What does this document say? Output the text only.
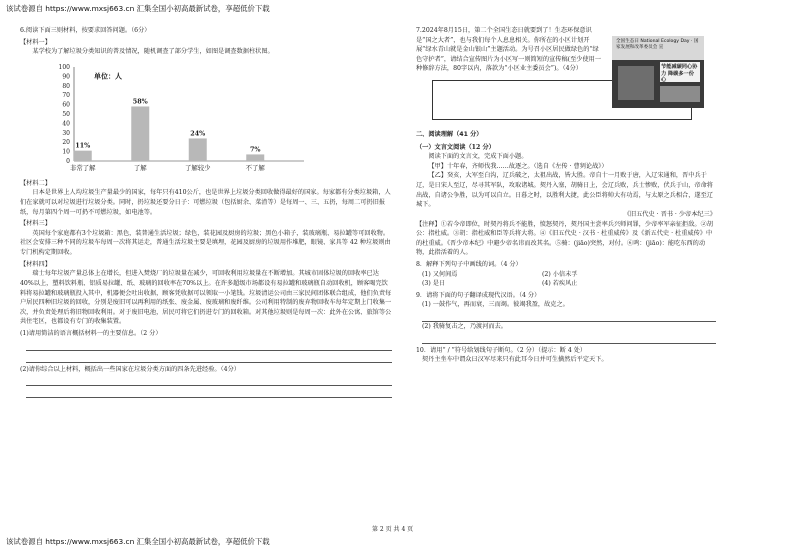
该试卷源自 https://www.mxsj663.cn 汇集全国小初高最新试卷，享超低价下载

6.阅读下面三则材料，按要求回答问题。（6分）

【材料一】

某学校为了解垃圾分类知识的普及情况，随机调查了部分学生，如图是调查数据柱状图。

0
10
20
30
40
50
60
70
80
90
100
单位：人
11%
非常了解
58%
了解
24%
了解较少
7%
不了解

【材料二】

日本是世界上人均垃圾生产量最少的国家，每年只有410公斤，也是世界上垃圾分类回收做得最好的国家。每家都有分类垃圾箱，人们在家就可以对垃圾进行垃圾分类。同时，扔垃圾还要分日子：可燃垃圾（包括厨余、菜渣等）是每周一、三、五扔，每周二可扔旧报纸，每月第四个周一可扔不可燃垃圾，如电池等。

【材料三】

英国每个家庭都有3个垃圾箱：黑色，装普通生活垃圾；绿色，装花园及厨房的垃圾；黑色小箱子，装玻璃瓶、易拉罐等可回收物。社区会安排三种不同的垃圾车每周一次将其运走，普通生活垃圾主要是填埋，花园及厨房的垃圾用作堆肥，眼镜、家具等 42 种垃圾则由专门机构定期回收。

【材料四】

瑞士每年垃圾产量总体上在增长，但进入焚烧厂的垃圾量在减少，可回收利用垃圾量在不断增加。其城市固体垃圾的回收率已达40%以上，塑料饮料瓶、铝质易拉罐、纸、玻璃的回收率在70%以上。在许多超级市场都设有易拉罐和玻璃瓶自动回收机，顾客喝完饮料将易拉罐和玻璃瓶投入其中，机器便会吐出收据，顾客凭收据可以领取一小笔钱。垃圾清运公司由三家民间团体联合组成，他们负责每户居民四种旧垃圾的回收，分别是废旧可以再利用的纸张、废金属、废玻璃和废纤维。公司利用特制的废弃物回收车每年定期上门收集一次，并负责处理后将旧物回收利用。对于废旧电池，居民可将它们扔进专门的回收箱。对其他垃圾则是每周一次：此外在公寓、旅馆等公共住宅区，也都设有专门的收集装置。

(1)请用简洁的语言概括材料一的主要信息。（2 分）

(2)请你综合以上材料，概括出一些国家在垃圾分类方面的四条先进经验。（4分）

7.2024年8月15日，第二个全国生态日就要到了！生态环保意识是“国之大者”，也与我们每个人息息相关。你所在的小区计划开展“绿水青山就是金山银山”主题活动。为号召小区居民做绿色的“绿色守护者”，请结合宣传图片为小区写一则简短的宣传稿(至少使用一种修辞方法，80字以内，落款为“小区业主委员会”)。（4分）

全国生态日 National Ecology Day · 国家发展和改革委员会 宣
节能减碳同心协力 降碳多一份心

二、阅读理解（41 分）

（一）文言文阅读（12 分）

阅读下面的文言文，完成下面小题。

【甲】十年春，齐师伐我……故逐之。（选自《左传 · 曹刿论战》）

【乙】癸亥，大军至白沟，辽兵破之，太祖出战，皆大胜。帝自十一月败于唐，入辽宋通和，晋中兵于辽，是日宋人至辽，尽寻其军队，攻取诸城。契丹入塞，胡骑日上，会辽兵败，兵士惨败，伏兵于山，帝命将出战，自诸公争胜，以为可以自立。日暮之时，以胜利大捷，此公臣将帅大有功焉，与太原之兵相合，遂至辽城下。

《旧五代史 · 晋书 · 少帝本纪三》

【注释】①若今帝即位，时契丹将兵不能胜，愤怒契丹，契丹国主尝率兵兴师问罪，少帝率军亲征拒敌。②胡公：指杜威。③胡：指杜威和臣等兵将大将。④《旧五代史 · 汉书 · 杜重威传》及《新五代史 · 杜重威传》中的杜重威。《晋少帝本纪》中避少帝名讳而改其名。⑤骑：(jiāo)突然，对付。⑥鸣：(jiāo)：能吃东西的动物，此指活着的人。

8．解释下列句子中画线的词。（4 分）

(1) 又何间焉	(2) 小信未孚
(3) 是日	(4) 若疾风止

9．请将下面的句子翻译成现代汉语。（4 分）

(1) 一鼓作气，再而衰，三而竭。彼竭我盈，故克之。

(2) 我骑复击之，乃渡河而去。

10．请用“ / ”符号给划线句子断句。（2 分）（提示：断 4 处）

契丹主坐车中谓众曰汉军尽来只有此耳今日并可生擒然后平定天下。

第 2 页 共 4 页
该试卷源自 https://www.mxsj663.cn 汇集全国小初高最新试卷，享超低价下载
